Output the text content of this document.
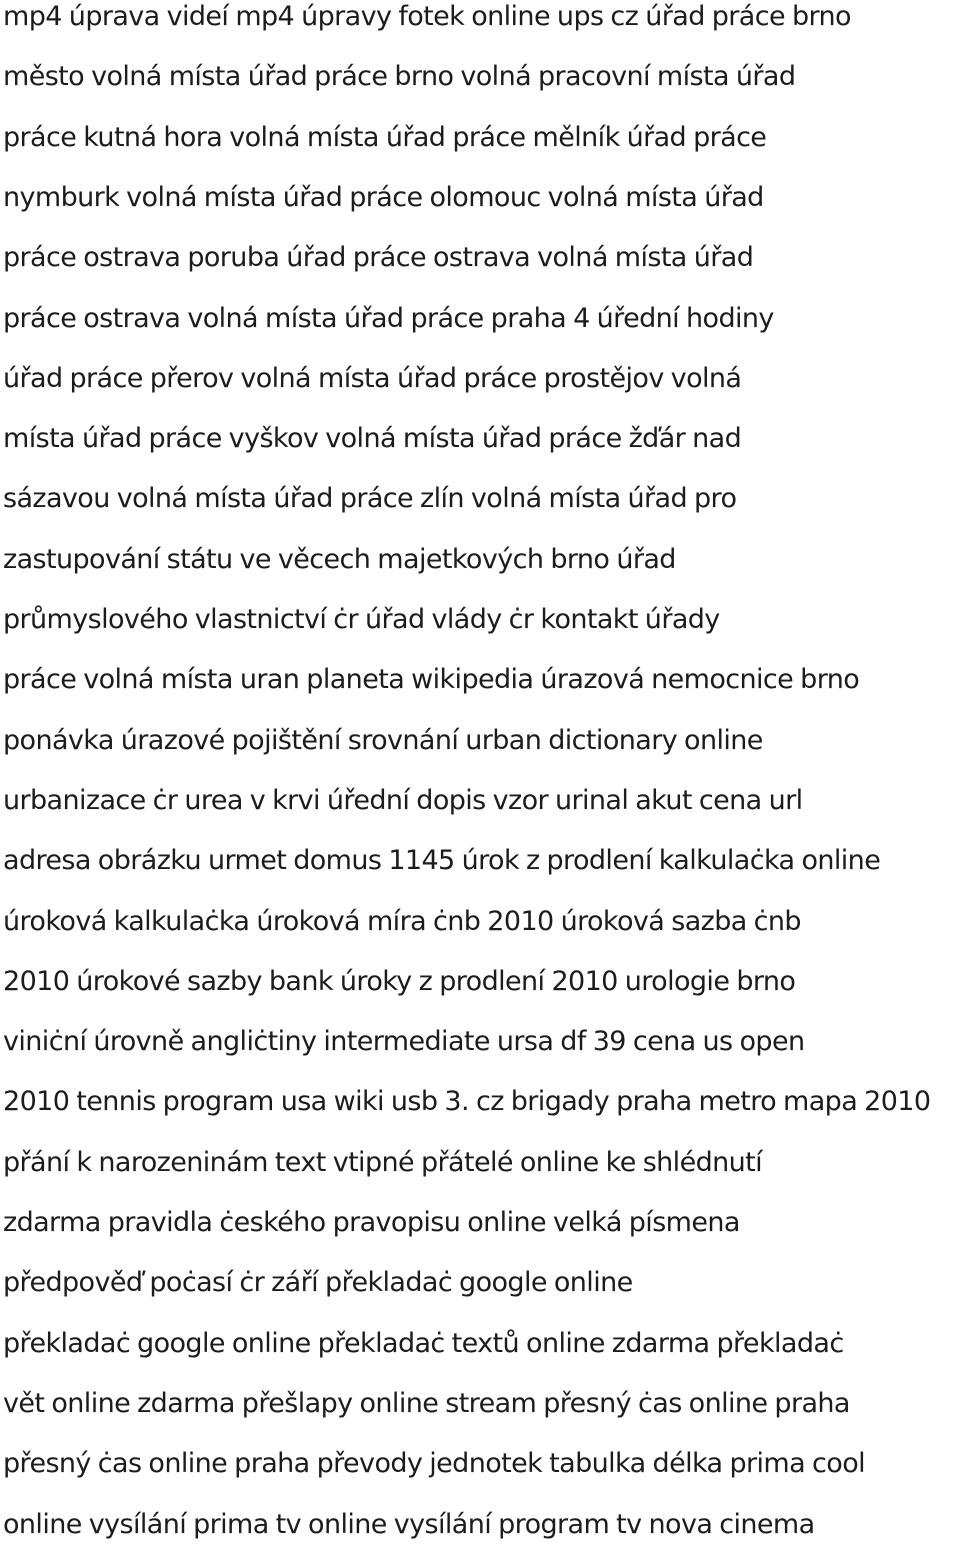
mp4 úprava videí mp4 úpravy fotek online ups cz úřad práce brno
město volná místa úřad práce brno volná pracovní místa úřad
práce kutná hora volná místa úřad práce mělník úřad práce
nymburk volná místa úřad práce olomouc volná místa úřad
práce ostrava poruba úřad práce ostrava volná místa úřad
práce ostrava volná místa úřad práce praha 4 úřední hodiny
úřad práce přerov volná místa úřad práce prostějov volná
místa úřad práce vyškov volná místa úřad práce žďár nad
sázavou volná místa úřad práce zlín volná místa úřad pro
zastupování státu ve věcech majetkových brno úřad
průmyslového vlastnictví ċr úřad vlády ċr kontakt úřady
práce volná místa uran planeta wikipedia úrazová nemocnice brno
ponávka úrazové pojištění srovnání urban dictionary online
urbanizace ċr urea v krvi úřední dopis vzor urinal akut cena url
adresa obrázku urmet domus 1145 úrok z prodlení kalkulaċka online
úroková kalkulaċka úroková míra ċnb 2010 úroková sazba ċnb
2010 úrokové sazby bank úroky z prodlení 2010 urologie brno
viniċní úrovně angliċtiny intermediate ursa df 39 cena us open
2010 tennis program usa wiki usb 3. cz brigady praha metro mapa 2010
přání k narozeninám text vtipné přátelé online ke shlédnutí
zdarma pravidla ċeského pravopisu online velká písmena
předpověď poċasí ċr září překladaċ google online
překladaċ google online překladaċ textů online zdarma překladaċ
vět online zdarma přešlapy online stream přesný ċas online praha
přesný ċas online praha převody jednotek tabulka délka prima cool
online vysílání prima tv online vysílání program tv nova cinema
